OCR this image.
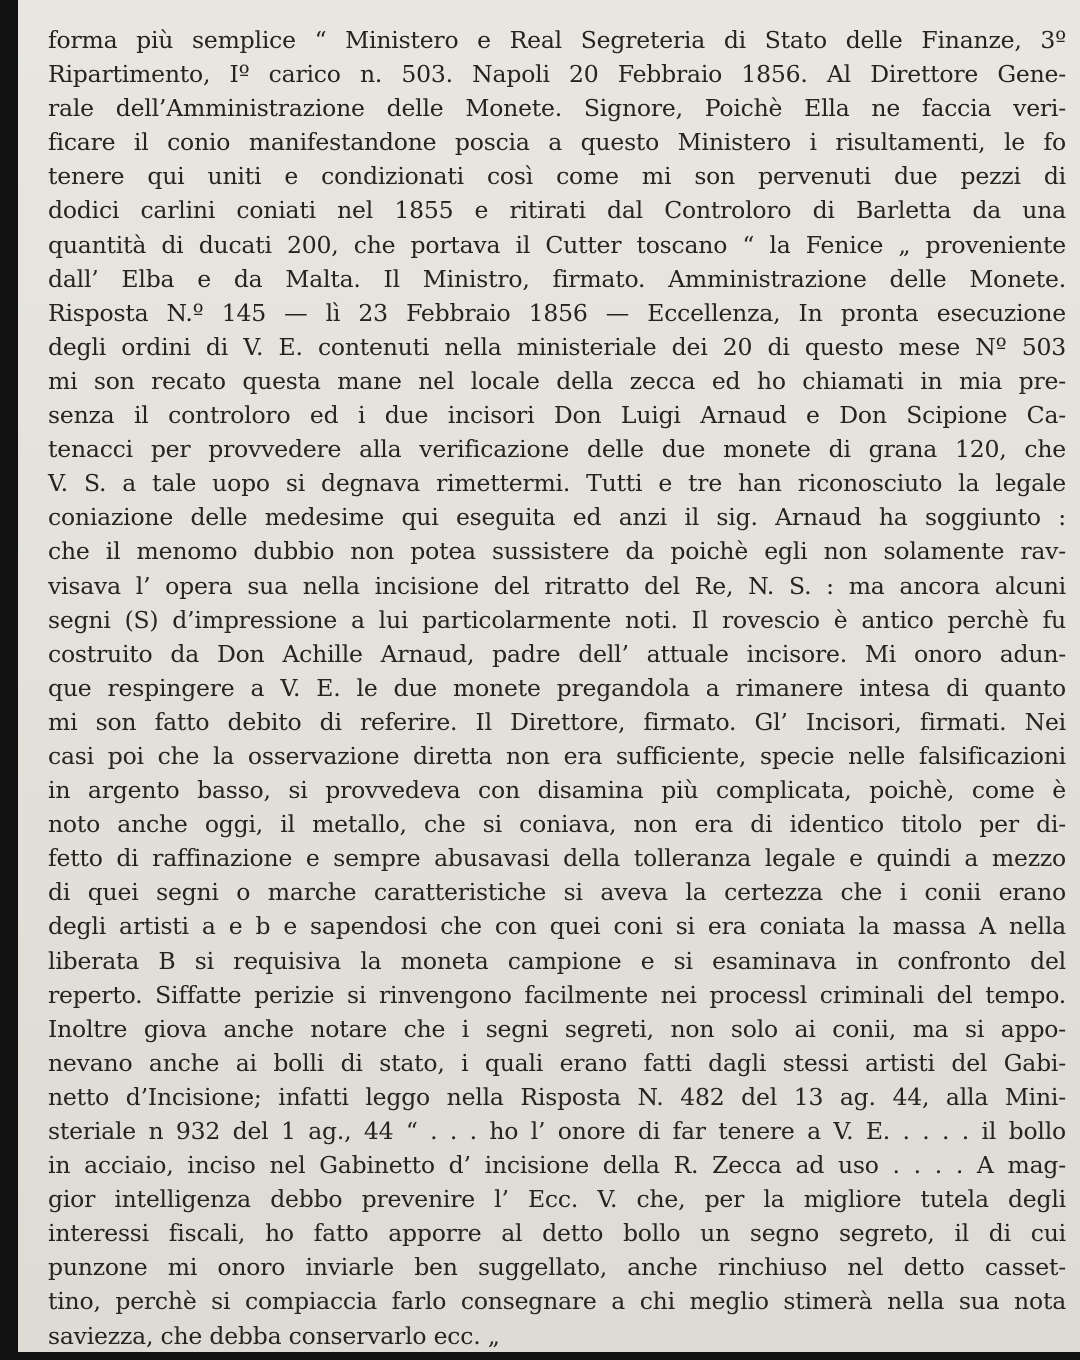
forma più semplice “ Ministero e Real Segreteria di Stato delle Finanze, 3º
Ripartimento, Iº carico n. 503. Napoli 20 Febbraio 1856. Al Direttore Gene-
rale dell’Amministrazione delle Monete. Signore, Poichè Ella ne faccia veri-
ficare il conio manifestandone poscia a questo Ministero i risultamenti, le fo
tenere qui uniti e condizionati così come mi son pervenuti due pezzi di
dodici carlini coniati nel 1855 e ritirati dal Controloro di Barletta da una
quantità di ducati 200, che portava il Cutter toscano “ la Fenice „ proveniente
dall’ Elba e da Malta. Il Ministro, firmato. Amministrazione delle Monete.
Risposta N.º 145 — lì 23 Febbraio 1856 — Eccellenza, In pronta esecuzione
degli ordini di V. E. contenuti nella ministeriale dei 20 di questo mese Nº 503
mi son recato questa mane nel locale della zecca ed ho chiamati in mia pre-
senza il controloro ed i due incisori Don Luigi Arnaud e Don Scipione Ca-
tenacci per provvedere alla verificazione delle due monete di grana 120, che
V. S. a tale uopo si degnava rimettermi. Tutti e tre han riconosciuto la legale
coniazione delle medesime qui eseguita ed anzi il sig. Arnaud ha soggiunto :
che il menomo dubbio non potea sussistere da poichè egli non solamente rav-
visava l’ opera sua nella incisione del ritratto del Re, N. S. : ma ancora alcuni
segni (S) d’impressione a lui particolarmente noti. Il rovescio è antico perchè fu
costruito da Don Achille Arnaud, padre dell’ attuale incisore. Mi onoro adun-
que respingere a V. E. le due monete pregandola a rimanere intesa di quanto
mi son fatto debito di referire. Il Direttore, firmato. Gl’ Incisori, firmati. Nei
casi poi che la osservazione diretta non era sufficiente, specie nelle falsificazioni
in argento basso, si provvedeva con disamina più complicata, poichè, come è
noto anche oggi, il metallo, che si coniava, non era di identico titolo per di-
fetto di raffinazione e sempre abusavasi della tolleranza legale e quindi a mezzo
di quei segni o marche caratteristiche si aveva la certezza che i conii erano
degli artisti a e b e sapendosi che con quei coni si era coniata la massa A nella
liberata B si requisiva la moneta campione e si esaminava in confronto del
reperto. Siffatte perizie si rinvengono facilmente nei processl criminali del tempo.
Inoltre giova anche notare che i segni segreti, non solo ai conii, ma si appo-
nevano anche ai bolli di stato, i quali erano fatti dagli stessi artisti del Gabi-
netto d’Incisione; infatti leggo nella Risposta N. 482 del 13 ag. 44, alla Mini-
steriale n 932 del 1 ag., 44 “ . . . ho l’ onore di far tenere a V. E. . . . . il bollo
in acciaio, inciso nel Gabinetto d’ incisione della R. Zecca ad uso . . . . A mag-
gior intelligenza debbo prevenire l’ Ecc. V. che, per la migliore tutela degli
interessi fiscali, ho fatto apporre al detto bollo un segno segreto, il di cui
punzone mi onoro inviarle ben suggellato, anche rinchiuso nel detto casset-
tino, perchè si compiaccia farlo consegnare a chi meglio stimerà nella sua nota
saviezza, che debba conservarlo ecc. „
